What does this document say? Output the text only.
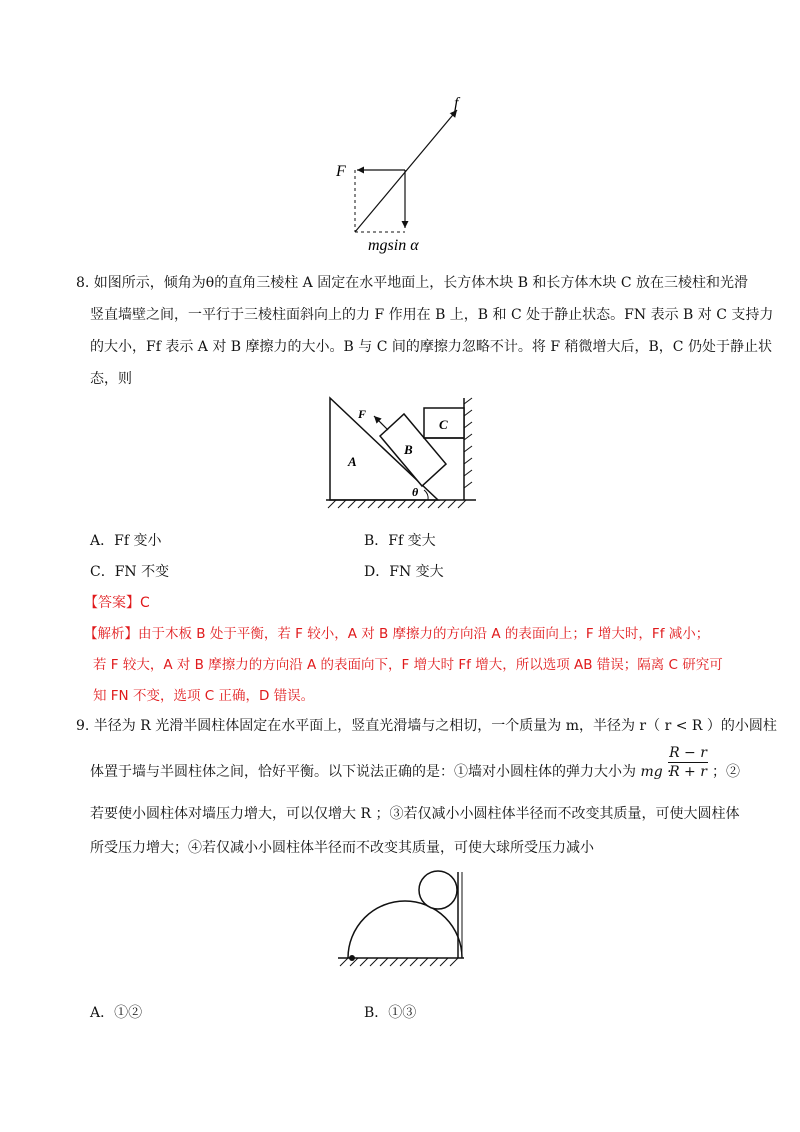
f
F
mgsin α
8. 如图所示，倾角为θ的直角三棱柱 A 固定在水平地面上，长方体木块 B 和长方体木块 C 放在三棱柱和光滑
竖直墙壁之间，一平行于三棱柱面斜向上的力 F 作用在 B 上，B 和 C 处于静止状态。FN 表示 B 对 C 支持力
的大小，Ff 表示 A 对 B 摩擦力的大小。B 与 C 间的摩擦力忽略不计。将 F 稍微增大后，B，C 仍处于静止状
态，则
F
B
C
A
θ
A．Ff 变小	B．Ff 变大
C．FN 不变	D．FN 变大
【答案】C
【解析】由于木板 B 处于平衡，若 F 较小，A 对 B 摩擦力的方向沿 A 的表面向上；F 增大时，Ff 减小；
若 F 较大，A 对 B 摩擦力的方向沿 A 的表面向下，F 增大时 Ff 增大，所以选项 AB 错误；隔离 C 研究可
知 FN 不变，选项 C 正确，D 错误。
9. 半径为 R 光滑半圆柱体固定在水平面上，竖直光滑墙与之相切，一个质量为 m，半径为 r（ r < R ）的小圆柱
体置于墙与半圆柱体之间，恰好平衡。以下说法正确的是：①墙对小圆柱体的弹力大小为 mg ·
$\frac{R - r}{R + r}$ ；②
若要使小圆柱体对墙压力增大，可以仅增大 R ；③若仅减小小圆柱体半径而不改变其质量，可使大圆柱体
所受压力增大；④若仅减小小圆柱体半径而不改变其质量，可使大球所受压力减小
A．①②	B．①③
